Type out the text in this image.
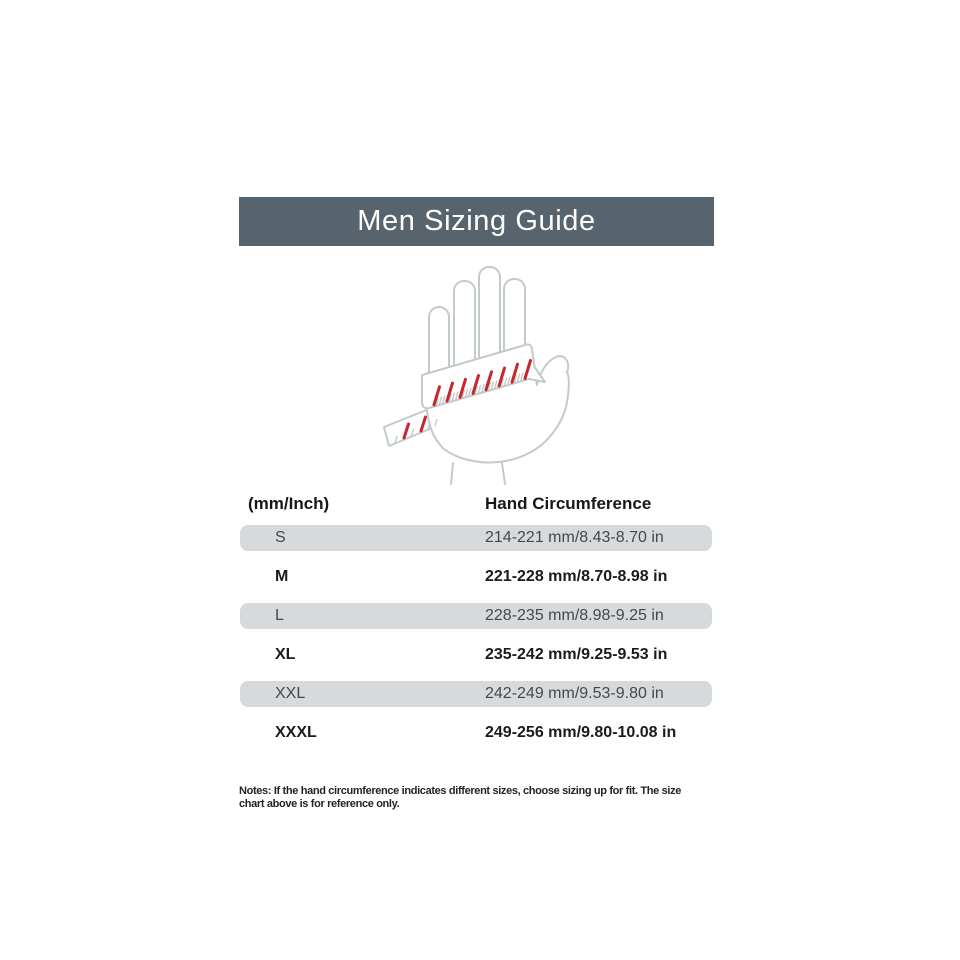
Men Sizing Guide
(mm/Inch)	Hand Circumference
S	214-221 mm/8.43-8.70 in
M	221-228 mm/8.70-8.98 in
L	228-235 mm/8.98-9.25 in
XL	235-242 mm/9.25-9.53 in
XXL	242-249 mm/9.53-9.80 in
XXXL	249-256 mm/9.80-10.08 in
Notes: If the hand circumference indicates different sizes, choose sizing up for fit. The size
chart above is for reference only.
